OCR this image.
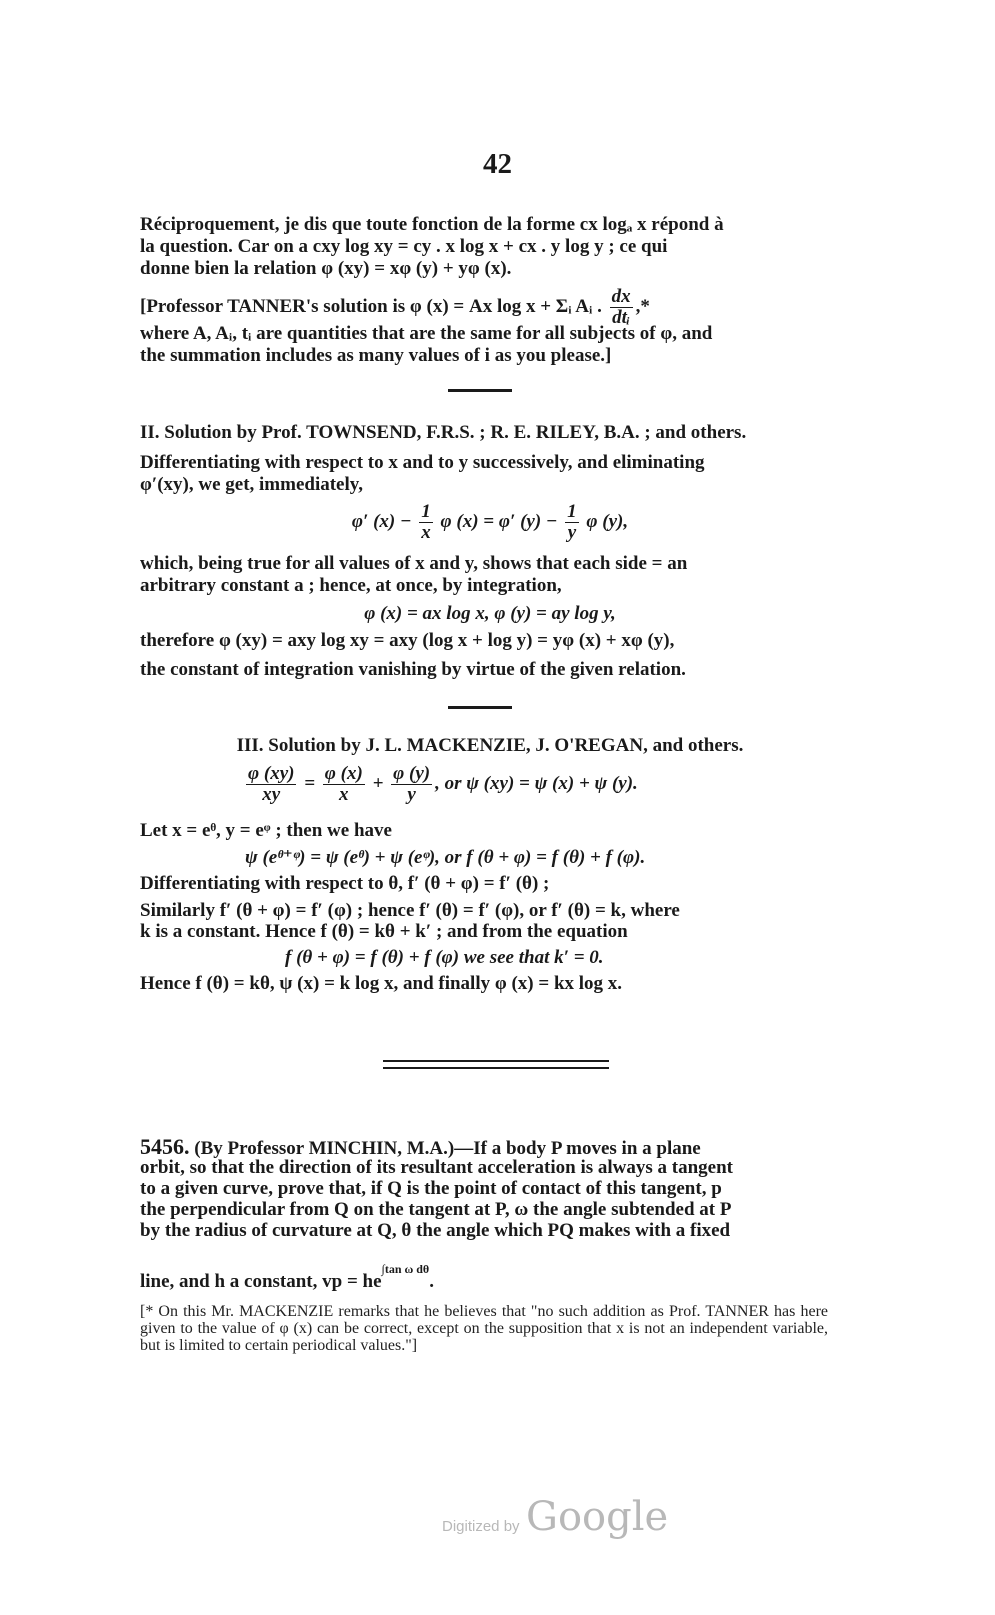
42
Réciproquement, je dis que toute fonction de la forme cx logₐ x répond à
la question. Car on a cxy log xy = cy . x log x + cx . y log y ; ce qui
donne bien la relation φ (xy) = xφ (y) + yφ (x).
[Professor TANNER's solution is φ (x) = Ax log x + Σᵢ Aᵢ . $\frac{dx}{\text{dtᵢ}}$ ,*
where A, Aᵢ, tᵢ are quantities that are the same for all subjects of φ, and
the summation includes as many values of i as you please.]
II. Solution by Prof. TOWNSEND, F.R.S. ; R. E. RILEY, B.A. ; and others.
Differentiating with respect to x and to y successively, and eliminating
φ′(xy), we get, immediately,
φ′ $(x) - \frac{1}{x}$ φ (x) = φ′ $(y) - \frac{1}{y}$ φ (y),
which, being true for all values of x and y, shows that each side = an
arbitrary constant a ; hence, at once, by integration,
φ (x) = ax log x, φ (y) = ay log y,
therefore φ (xy) = axy log xy = axy (log x + log y) = yφ (x) + xφ (y),
the constant of integration vanishing by virtue of the given relation.
III. Solution by J. L. MACKENZIE, J. O'REGAN, and others.
$\frac{\varphi (xy)}{xy} = \frac{\varphi (x)}{x} + \frac{\varphi (y)}{y}$ , or ψ (xy) = ψ (x) + ψ (y).
Let x = eᶿ, y = eᵠ ; then we have
ψ (eᶿ⁺ᵠ) = ψ (eᶿ) + ψ (eᵠ), or f (θ + φ) = f (θ) + f (φ).
Differentiating with respect to θ, f′ (θ + φ) = f′ (θ) ;
Similarly f′ (θ + φ) = f′ (φ) ; hence f′ (θ) = f′ (φ), or f′ (θ) = k, where
k is a constant. Hence f (θ) = kθ + k′ ; and from the equation
f (θ + φ) = f (θ) + f (φ) we see that k′ = 0.
Hence f (θ) = kθ, ψ (x) = k log x, and finally φ (x) = kx log x.
5456. (By Professor MINCHIN, M.A.)—If a body P moves in a plane
orbit, so that the direction of its resultant acceleration is always a tangent
to a given curve, prove that, if Q is the point of contact of this tangent, p
the perpendicular from Q on the tangent at P, ω the angle subtended at P
by the radius of curvature at Q, θ the angle which PQ makes with a fixed
line, and h a constant, vp = $he^{\int tan \omega d\theta}$.
[* On this Mr. MACKENZIE remarks that he believes that "no such addition as Prof. TANNER has here given to the value of φ (x) can be correct, except on the supposition that x is not an independent variable, but is limited to certain periodical values."]
Digitized by Google
